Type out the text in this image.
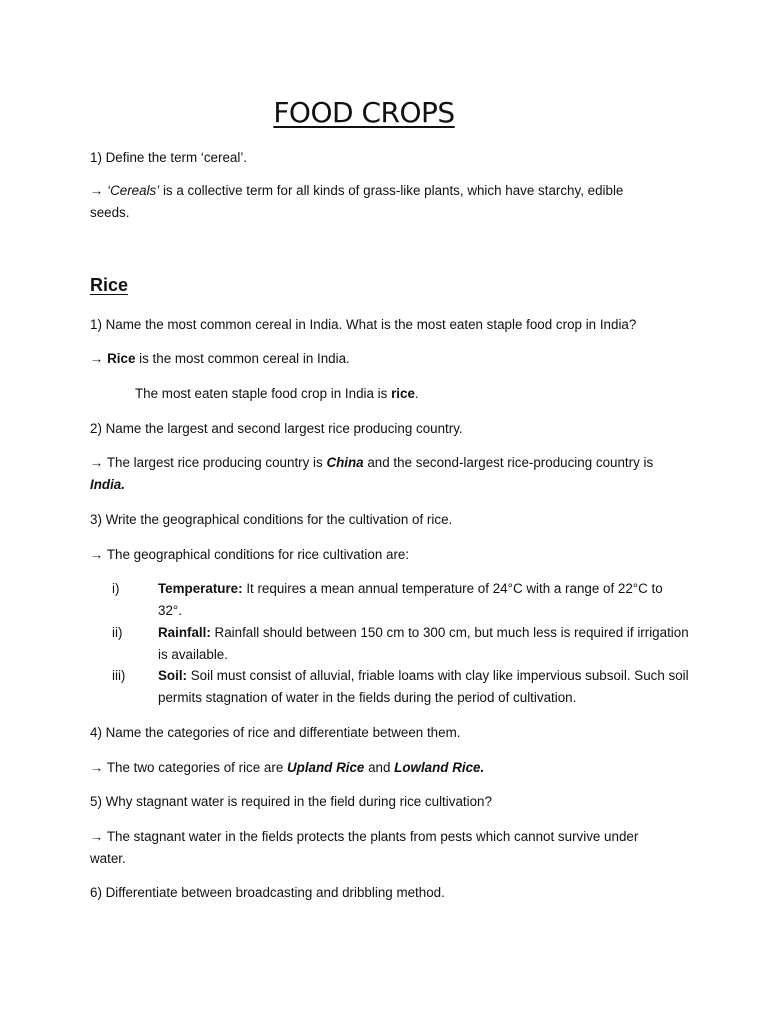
FOOD CROPS
1) Define the term ‘cereal’.
→ ‘Cereals’ is a collective term for all kinds of grass-like plants, which have starchy, edible
seeds.
Rice
1) Name the most common cereal in India. What is the most eaten staple food crop in India?
→ Rice is the most common cereal in India.
The most eaten staple food crop in India is rice.
2) Name the largest and second largest rice producing country.
→ The largest rice producing country is China and the second-largest rice-producing country is
India.
3) Write the geographical conditions for the cultivation of rice.
→ The geographical conditions for rice cultivation are:
i)	Temperature: It requires a mean annual temperature of 24°C with a range of 22°C to 32°.
ii)	Rainfall: Rainfall should between 150 cm to 300 cm, but much less is required if irrigation is available.
iii) Soil: Soil must consist of alluvial, friable loams with clay like impervious subsoil. Such soil permits stagnation of water in the fields during the period of cultivation.
4) Name the categories of rice and differentiate between them.
→ The two categories of rice are Upland Rice and Lowland Rice.
5) Why stagnant water is required in the field during rice cultivation?
→ The stagnant water in the fields protects the plants from pests which cannot survive under
water.
6) Differentiate between broadcasting and dribbling method.
